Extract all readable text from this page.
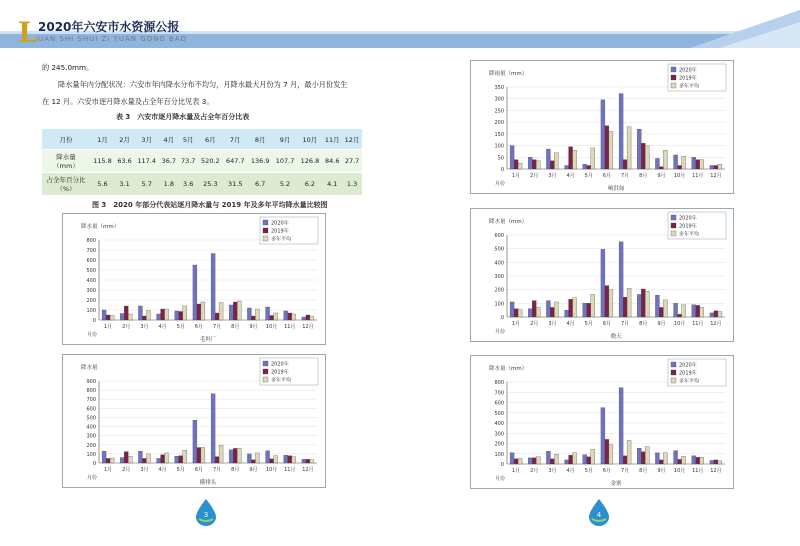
L 2020年六安市水资源公报
UAN SHI SHUI ZI YUAN GONG BAO
的 245.0mm。
降水量年内分配状况：六安市年内降水分布不均匀，月降水最大月份为 7 月，最小月份发生
在 12 月。六安市逐月降水量及占全年百分比见表 3。
表 3　六安市逐月降水量及占全年百分比表
月份	1月	2月	3月	4月	5月	6月	7月	8月	9月	10月	11月	12月
降水量
（mm）	115.8	63.6	117.4	36.7	73.7	520.2	647.7	136.9	107.7	126.8	84.6	27.7
占全年百分比
（%）	5.6	3.1	5.7	1.8	3.6	25.3	31.5	6.7	5.2	6.2	4.1	1.3
图 3　2020 年部分代表站逐月降水量与 2019 年及多年平均降水量比较图
降水量（mm）
800
700
600
500
400
300
200
100
0
1月 2月 3月 4月 5月 6月 7月 8月 9月 10月 11月 12月
月份
毛坦厂
2020年
2019年
多年平均
降水量
900
800
700
600
500
400
300
200
100
0
1月 2月 3月 4月 5月 6月 7月 8月 9月 10月 11月 12月
月份
横排头
2020年
2019年
多年平均
降雨量（mm）
350
300
250
200
150
100
50
0
1月 2月 3月 4月 5月 6月 7月 8月 9月 10月 11月 12月
月份
响洪甸
2020年
2019年
多年平均
降水量（mm）
600
500
400
300
200
100
0
1月 2月 3月 4月 5月 6月 7月 8月 9月 10月 11月 12月
月份
晓天
2020年
2019年
多年平均
降水量（mm）
800
700
600
500
400
300
200
100
0
1月 2月 3月 4月 5月 6月 7月 8月 9月 10月 11月 12月
月份
金寨
2020年
2019年
多年平均
3	4
